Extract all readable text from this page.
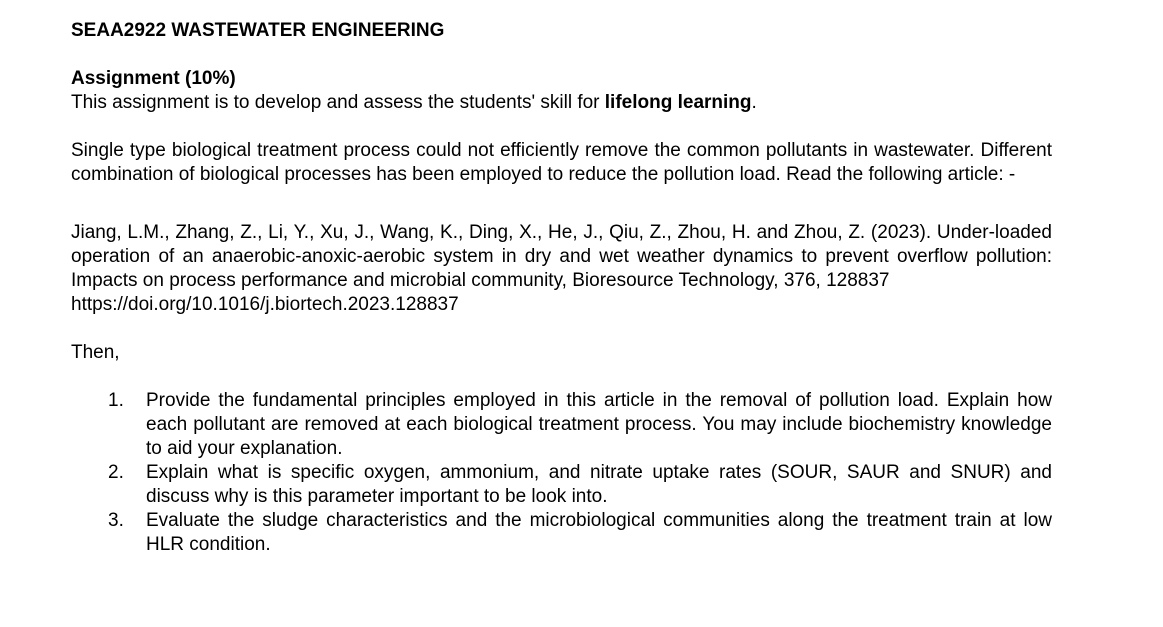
SEAA2922 WASTEWATER ENGINEERING
Assignment (10%)

This assignment is to develop and assess the students' skill for lifelong learning.

Single type biological treatment process could not efficiently remove the common pollutants in wastewater. Different combination of biological processes has been employed to reduce the pollution load. Read the following article: -

Jiang, L.M., Zhang, Z., Li, Y., Xu, J., Wang, K., Ding, X., He, J., Qiu, Z., Zhou, H. and Zhou, Z. (2023). Under-loaded operation of an anaerobic-anoxic-aerobic system in dry and wet weather dynamics to prevent overflow pollution: Impacts on process performance and microbial community, Bioresource Technology, 376, 128837

https://doi.org/10.1016/j.biortech.2023.128837

Then,

1. Provide the fundamental principles employed in this article in the removal of pollution load. Explain how each pollutant are removed at each biological treatment process. You may include biochemistry knowledge to aid your explanation.
2. Explain what is specific oxygen, ammonium, and nitrate uptake rates (SOUR, SAUR and SNUR) and discuss why is this parameter important to be look into.
3. Evaluate the sludge characteristics and the microbiological communities along the treatment train at low HLR condition.
